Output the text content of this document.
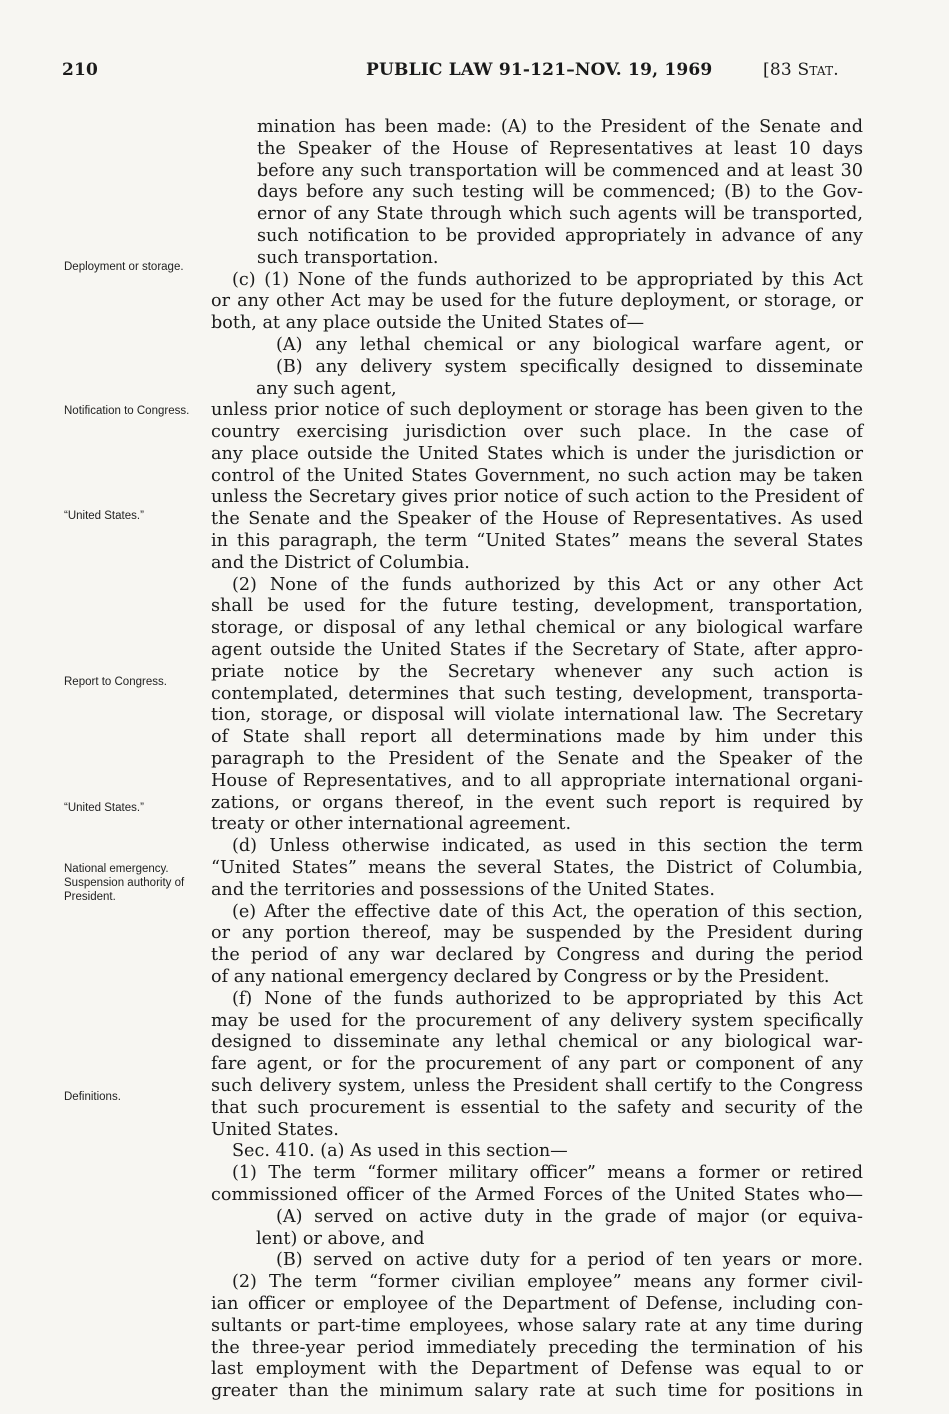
210	PUBLIC LAW 91-121–NOV. 19, 1969	[83 Stat.
Deployment or storage.
Notification to Congress.
“United States.”
Report to Congress.
“United States.”
National emergency. Suspension authority of President.
Definitions.
mination has been made: (A) to the President of the Senate and
the Speaker of the House of Representatives at least 10 days
before any such transportation will be commenced and at least 30
days before any such testing will be commenced; (B) to the Gov-
ernor of any State through which such agents will be transported,
such notification to be provided appropriately in advance of any
such transportation.
(c) (1) None of the funds authorized to be appropriated by this Act
or any other Act may be used for the future deployment, or storage, or
both, at any place outside the United States of—
(A) any lethal chemical or any biological warfare agent, or
(B) any delivery system specifically designed to disseminate
any such agent,
unless prior notice of such deployment or storage has been given to the
country exercising jurisdiction over such place. In the case of
any place outside the United States which is under the jurisdiction or
control of the United States Government, no such action may be taken
unless the Secretary gives prior notice of such action to the President of
the Senate and the Speaker of the House of Representatives. As used
in this paragraph, the term “United States” means the several States
and the District of Columbia.
(2) None of the funds authorized by this Act or any other Act
shall be used for the future testing, development, transportation,
storage, or disposal of any lethal chemical or any biological warfare
agent outside the United States if the Secretary of State, after appro-
priate notice by the Secretary whenever any such action is
contemplated, determines that such testing, development, transporta-
tion, storage, or disposal will violate international law. The Secretary
of State shall report all determinations made by him under this
paragraph to the President of the Senate and the Speaker of the
House of Representatives, and to all appropriate international organi-
zations, or organs thereof, in the event such report is required by
treaty or other international agreement.
(d) Unless otherwise indicated, as used in this section the term
“United States” means the several States, the District of Columbia,
and the territories and possessions of the United States.
(e) After the effective date of this Act, the operation of this section,
or any portion thereof, may be suspended by the President during
the period of any war declared by Congress and during the period
of any national emergency declared by Congress or by the President.
(f) None of the funds authorized to be appropriated by this Act
may be used for the procurement of any delivery system specifically
designed to disseminate any lethal chemical or any biological war-
fare agent, or for the procurement of any part or component of any
such delivery system, unless the President shall certify to the Congress
that such procurement is essential to the safety and security of the
United States.
Sec. 410. (a) As used in this section—
(1) The term “former military officer” means a former or retired
commissioned officer of the Armed Forces of the United States who—
(A) served on active duty in the grade of major (or equiva-
lent) or above, and
(B) served on active duty for a period of ten years or more.
(2) The term “former civilian employee” means any former civil-
ian officer or employee of the Department of Defense, including con-
sultants or part-time employees, whose salary rate at any time during
the three-year period immediately preceding the termination of his
last employment with the Department of Defense was equal to or
greater than the minimum salary rate at such time for positions in
